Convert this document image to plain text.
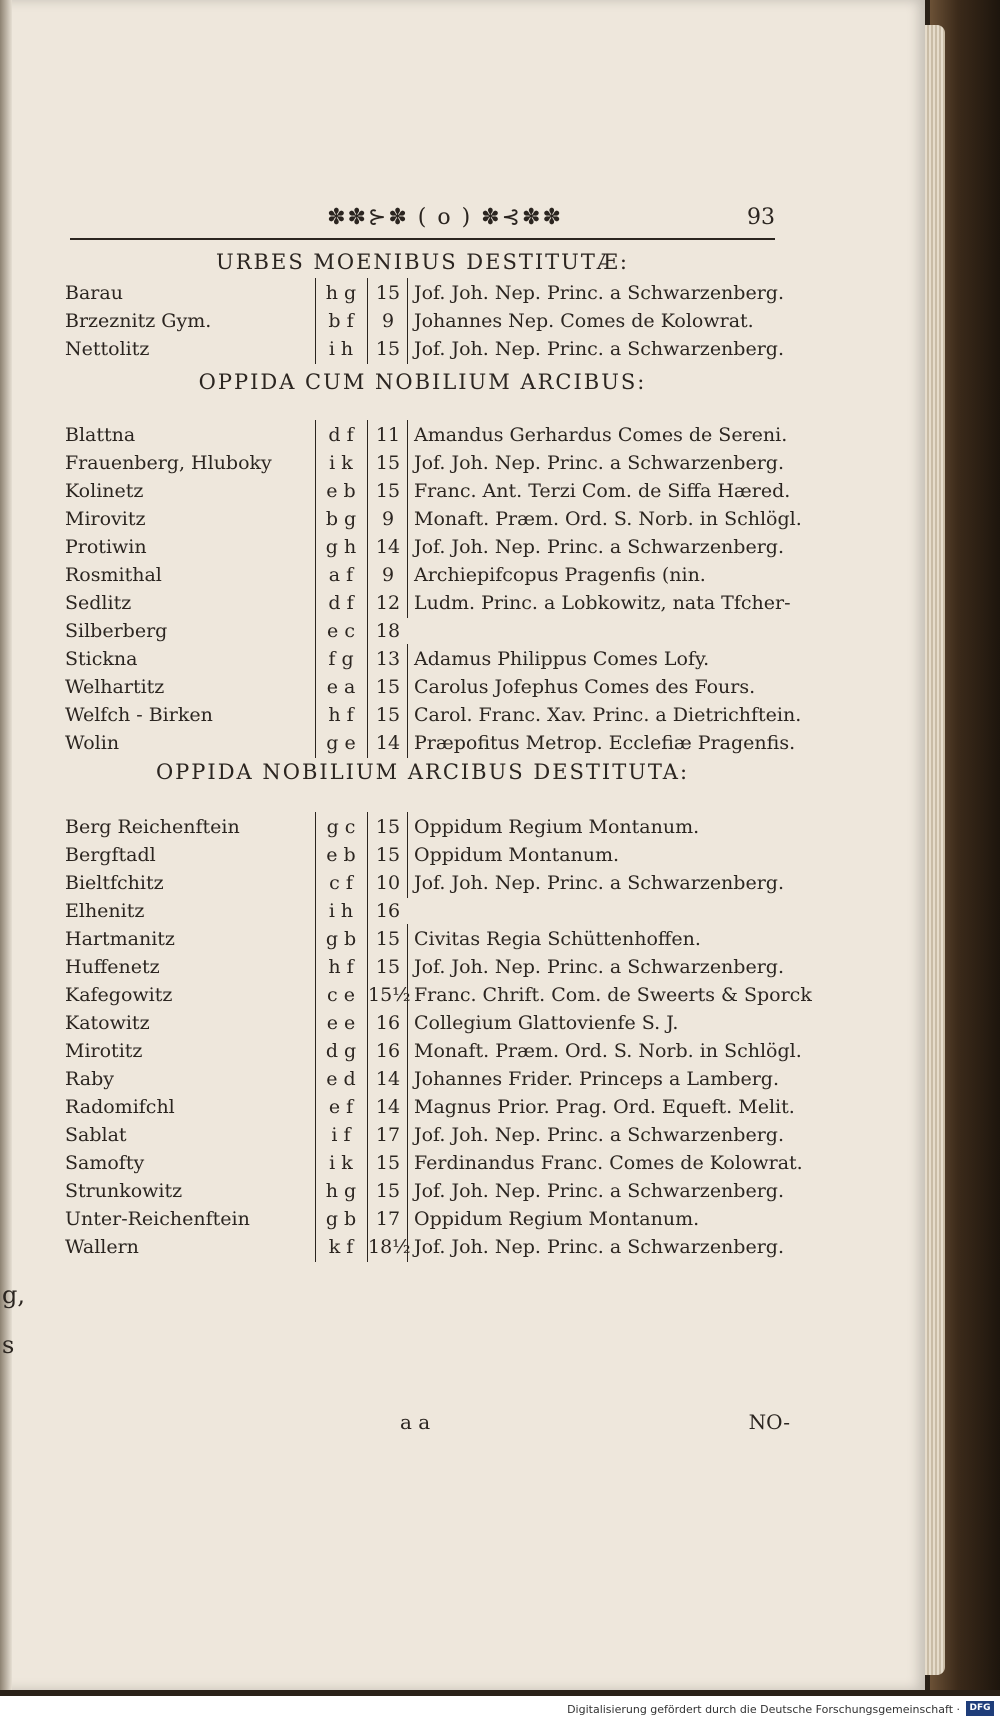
g,
s
✽✽⊱✽ ( o ) ✽⊰✽✽	93
URBES MOENIBUS DESTITUTÆ:
Barau	h g	15 Jof. Joh. Nep. Princ. a Schwarzenberg.
Brzeznitz Gym.	b f	9	Johannes Nep. Comes de Kolowrat.
Nettolitz	i h	15 Jof. Joh. Nep. Princ. a Schwarzenberg.
OPPIDA CUM NOBILIUM ARCIBUS:
Blattna	d f	11 Amandus Gerhardus Comes de Sereni.
Frauenberg, Hluboky	i k	15 Jof. Joh. Nep. Princ. a Schwarzenberg.
Kolinetz	e b	15 Franc. Ant. Terzi Com. de Siffa Hæred.
Mirovitz	b g	9	Monaft. Præm. Ord. S. Norb. in Schlögl.
Protiwin	g h	14 Jof. Joh. Nep. Princ. a Schwarzenberg.
Rosmithal	a f	9	Archiepifcopus Pragenfis (nin.
Sedlitz	d f	12 Ludm. Princ. a Lobkowitz, nata Tfcher-
Silberberg	e c	18
Stickna	f g	13 Adamus Philippus Comes Lofy.
Welhartitz	e a	15 Carolus Jofephus Comes des Fours.
Welfch - Birken	h f	15 Carol. Franc. Xav. Princ. a Dietrichftein.
Wolin	g e	14 Præpofitus Metrop. Ecclefiæ Pragenfis.
OPPIDA NOBILIUM ARCIBUS DESTITUTA:
Berg Reichenftein	g c	15 Oppidum Regium Montanum.
Bergftadl	e b	15 Oppidum Montanum.
Bieltfchitz	c f	10 Jof. Joh. Nep. Princ. a Schwarzenberg.
Elhenitz	i h	16
Hartmanitz	g b	15 Civitas Regia Schüttenhoffen.
Huffenetz	h f	15 Jof. Joh. Nep. Princ. a Schwarzenberg.
Kafegowitz	c e 15½ Franc. Chrift. Com. de Sweerts & Sporck
Katowitz	e e	16 Collegium Glattovienfe S. J.
Mirotitz	d g	16 Monaft. Præm. Ord. S. Norb. in Schlögl.
Raby	e d	14 Johannes Frider. Princeps a Lamberg.
Radomifchl	e f	14 Magnus Prior. Prag. Ord. Equeft. Melit.
Sablat	i f	17 Jof. Joh. Nep. Princ. a Schwarzenberg.
Samofty	i k	15 Ferdinandus Franc. Comes de Kolowrat.
Strunkowitz	h g	15 Jof. Joh. Nep. Princ. a Schwarzenberg.
Unter-Reichenftein	g b	17 Oppidum Regium Montanum.
Wallern	k f 18½ Jof. Joh. Nep. Princ. a Schwarzenberg.
a a	NO-
Digitalisierung gefördert durch die Deutsche Forschungsgemeinschaft ·	DFG
